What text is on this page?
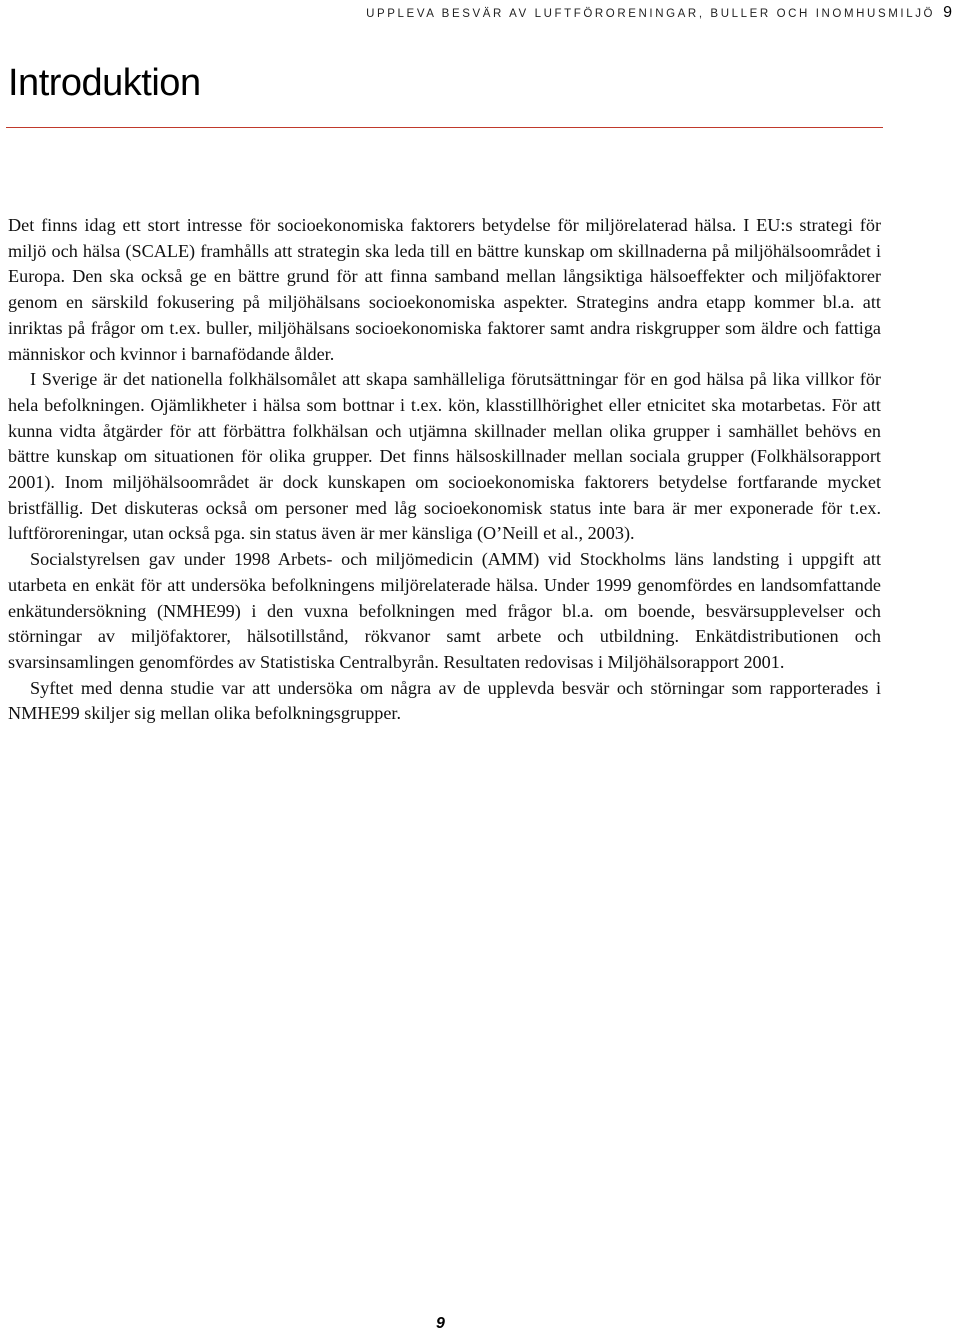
UPPLEVA BESVÄR AV LUFTFÖRORENINGAR, BULLER OCH INOMHUSMILJÖ 9
Introduktion

Det finns idag ett stort intresse för socioekonomiska faktorers betydelse för miljörelaterad hälsa. I EU:s strategi för miljö och hälsa (SCALE) framhålls att strategin ska leda till en bättre kunskap om skillnaderna på miljöhälsoområdet i Europa. Den ska också ge en bättre grund för att finna samband mellan långsiktiga hälsoeffekter och miljöfaktorer genom en särskild fokusering på miljöhälsans socioekonomiska aspekter. Strategins andra etapp kommer bl.a. att inriktas på frågor om t.ex. buller, miljöhälsans socioekonomiska faktorer samt andra riskgrupper som äldre och fattiga människor och kvinnor i barnafödande ålder.

I Sverige är det nationella folkhälsomålet att skapa samhälleliga förutsättningar för en god hälsa på lika villkor för hela befolkningen. Ojämlikheter i hälsa som bottnar i t.ex. kön, klasstillhörighet eller etnicitet ska motarbetas. För att kunna vidta åtgärder för att förbättra folkhälsan och utjämna skillnader mellan olika grupper i samhället behövs en bättre kunskap om situationen för olika grupper. Det finns hälsoskillnader mellan sociala grupper (Folkhälsorapport 2001). Inom miljöhälsoområdet är dock kunskapen om socioekonomiska faktorers betydelse fortfarande mycket bristfällig. Det diskuteras också om personer med låg socioekonomisk status inte bara är mer exponerade för t.ex. luftföroreningar, utan också pga. sin status även är mer känsliga (O’Neill et al., 2003).

Socialstyrelsen gav under 1998 Arbets- och miljömedicin (AMM) vid Stockholms läns landsting i uppgift att utarbeta en enkät för att undersöka befolkningens miljörelaterade hälsa. Under 1999 genomfördes en landsomfattande enkätundersökning (NMHE99) i den vuxna befolkningen med frågor bl.a. om boende, besvärsupplevelser och störningar av miljöfaktorer, hälsotillstånd, rökvanor samt arbete och utbildning. Enkätdistributionen och svarsinsamlingen genomfördes av Statistiska Centralbyrån. Resultaten redovisas i Miljöhälsorapport 2001.

Syftet med denna studie var att undersöka om några av de upplevda besvär och störningar som rapporterades i NMHE99 skiljer sig mellan olika befolkningsgrupper.

9
